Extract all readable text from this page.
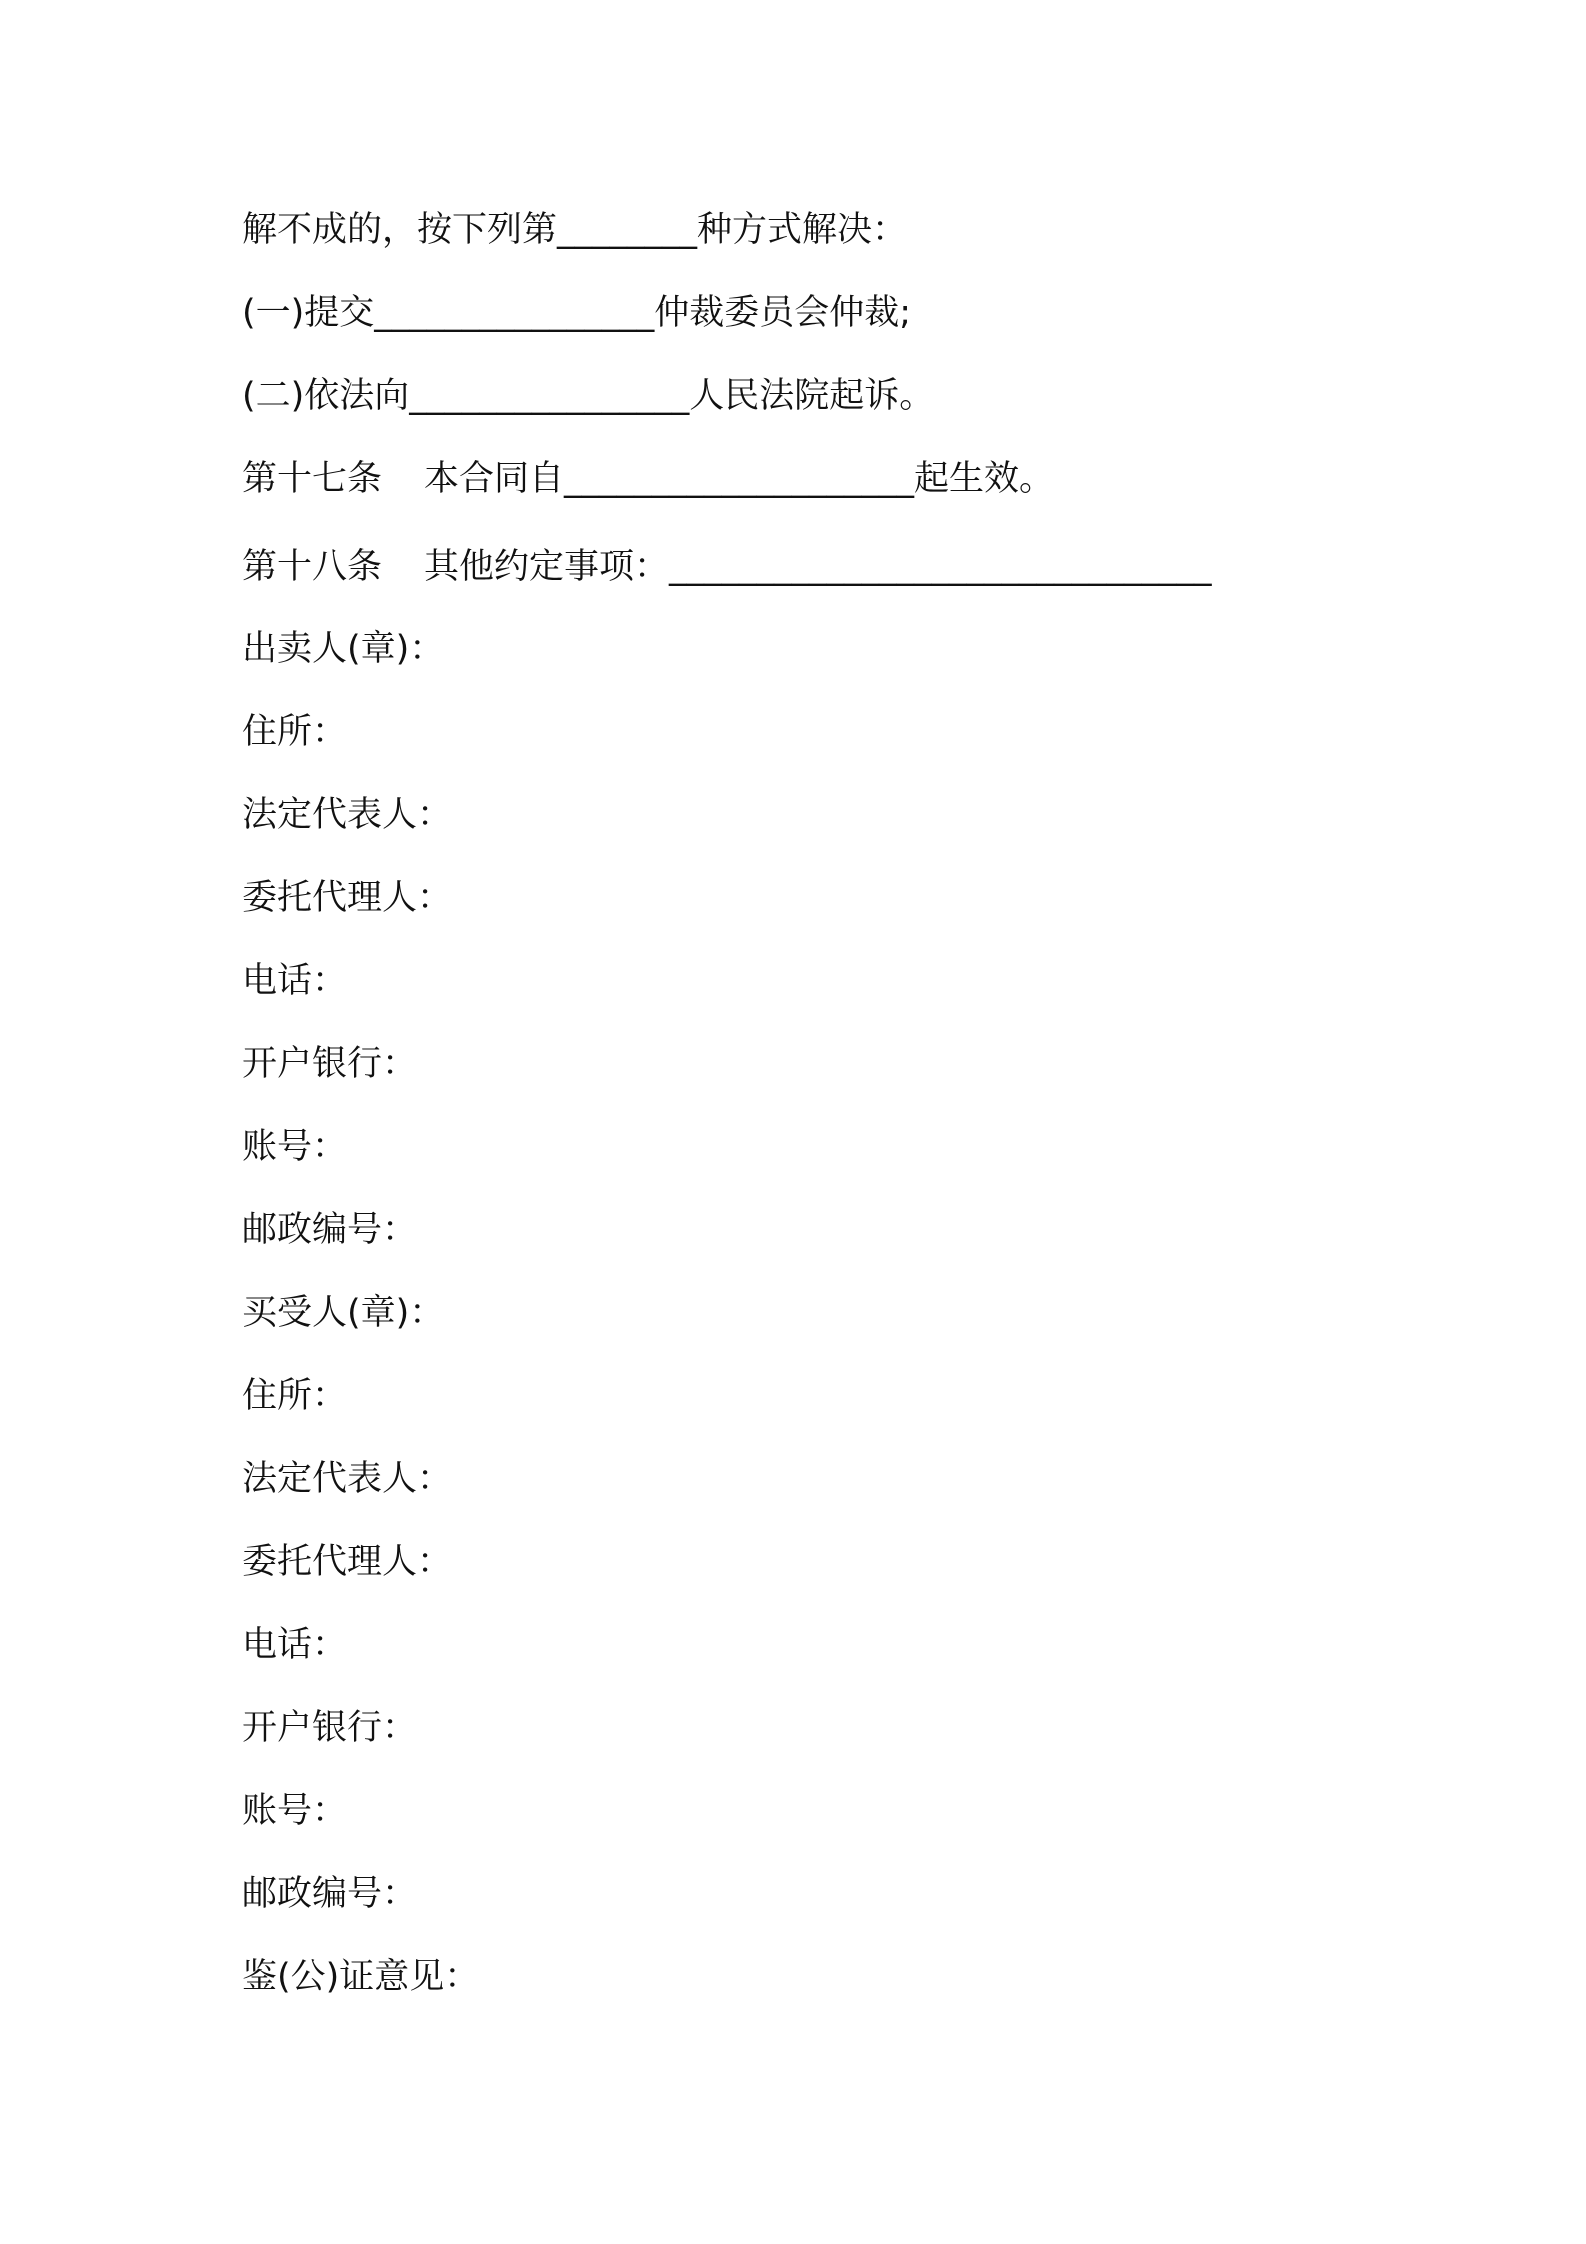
解不成的，按下列第________种方式解决：
(一)提交________________仲裁委员会仲裁;
(二)依法向________________人民法院起诉。
第十七条 本合同自____________________起生效。
第十八条 其他约定事项：_______________________________
出卖人(章)：
住所：
法定代表人：
委托代理人：
电话：
开户银行：
账号：
邮政编号：
买受人(章)：
住所：
法定代表人：
委托代理人：
电话：
开户银行：
账号：
邮政编号：
鉴(公)证意见：
